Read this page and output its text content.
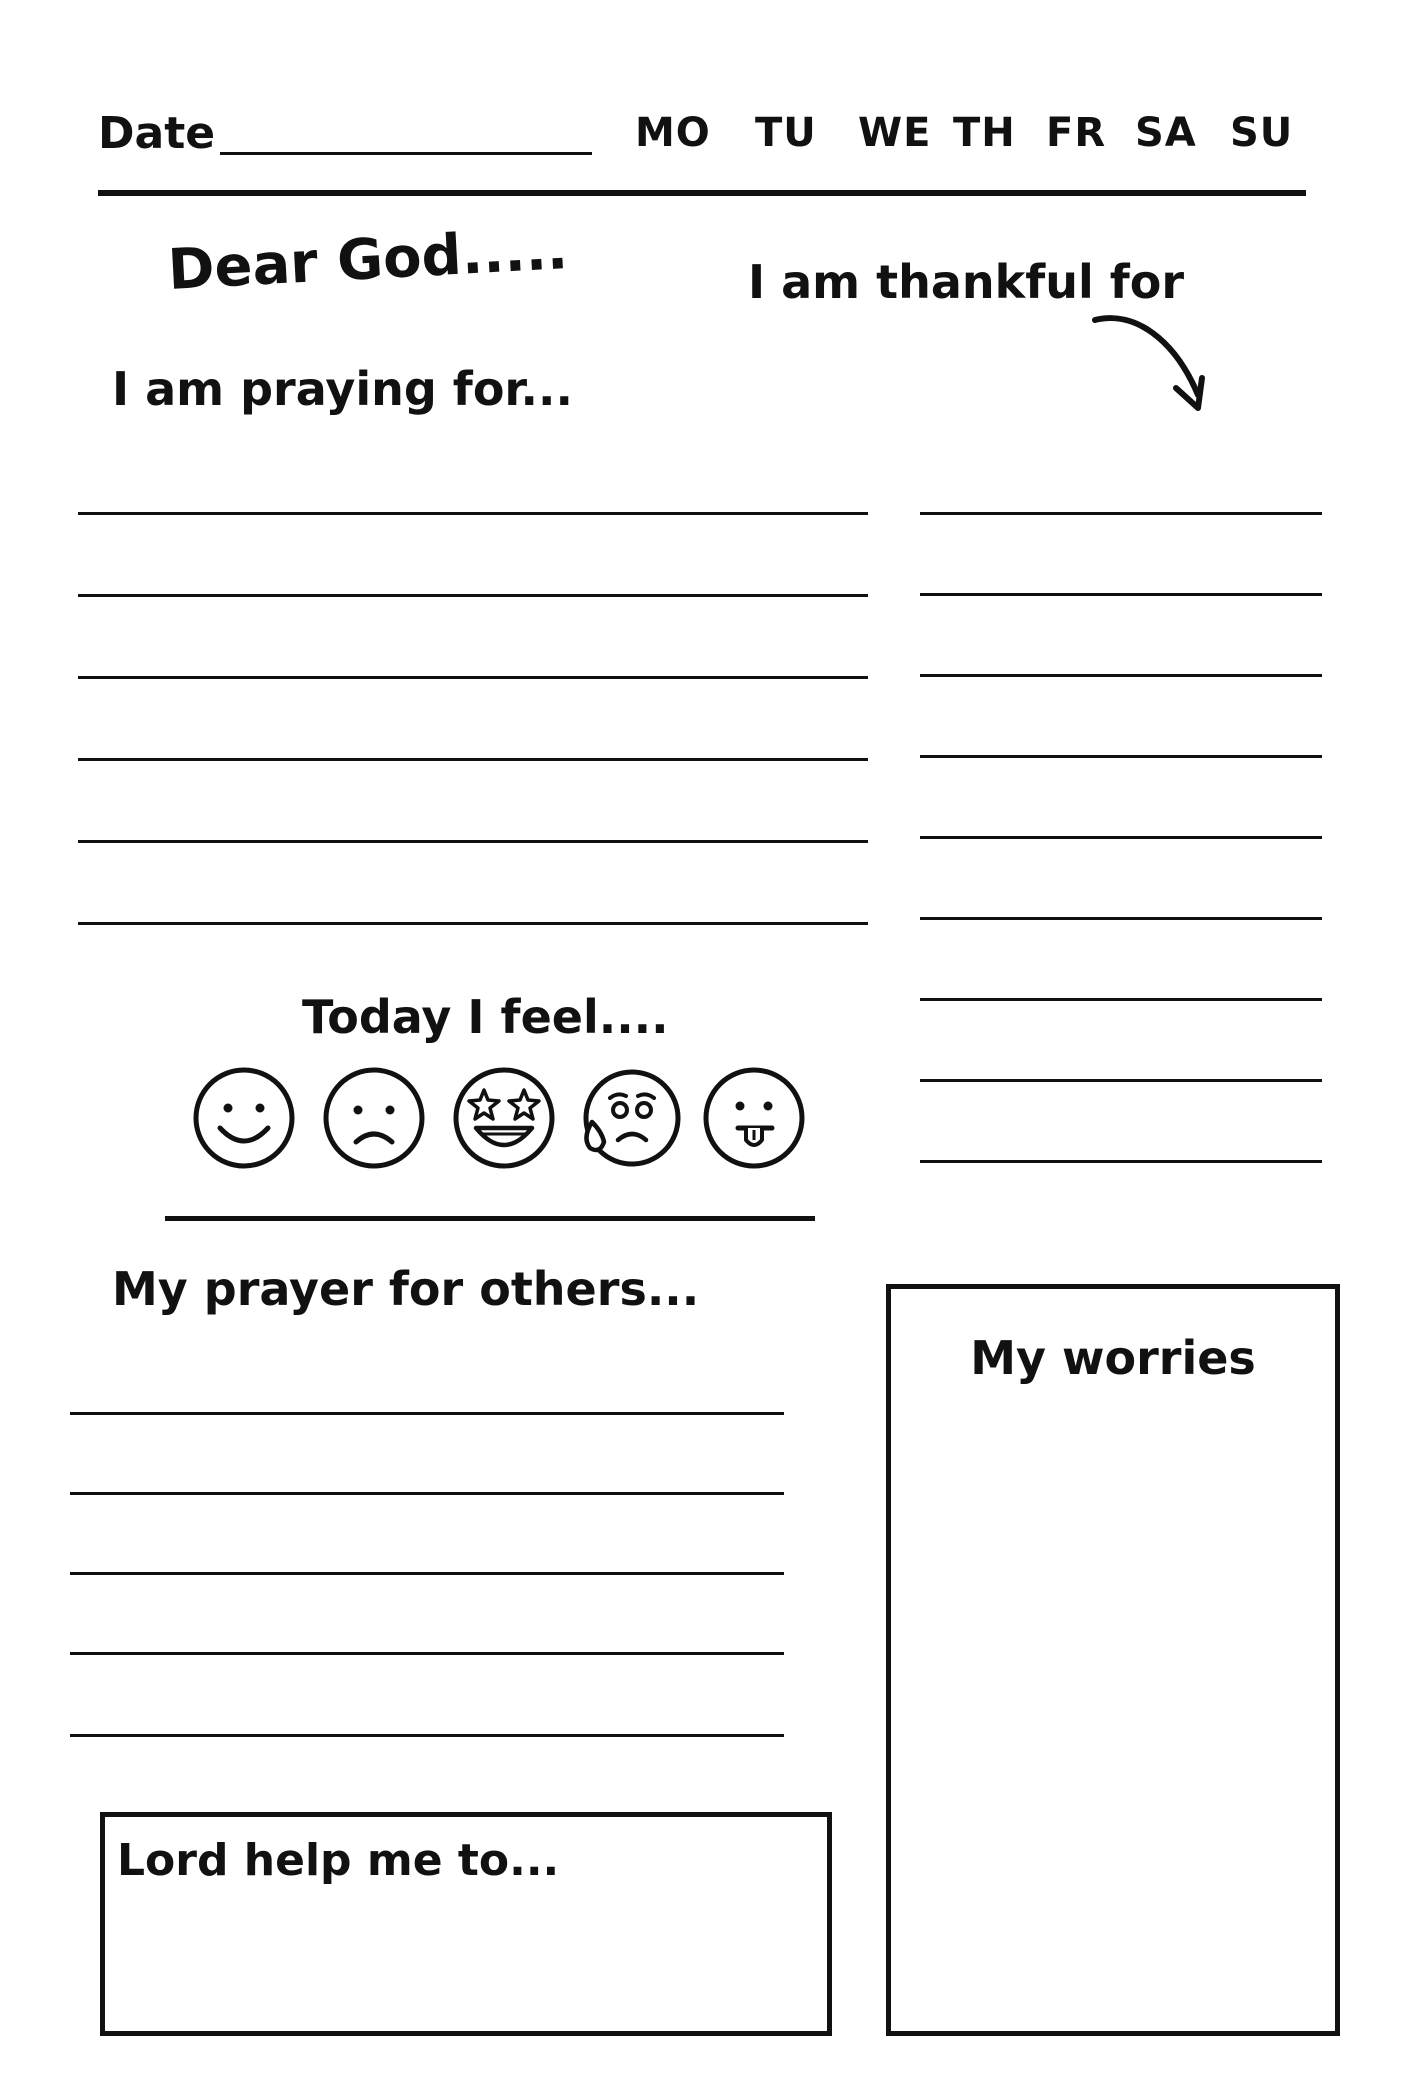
Date	MO TU WE TH FR SA SU
Dear God.....	I am thankful for
I am praying for...
Today I feel....
My prayer for others...
Lord help me to...
My worries
